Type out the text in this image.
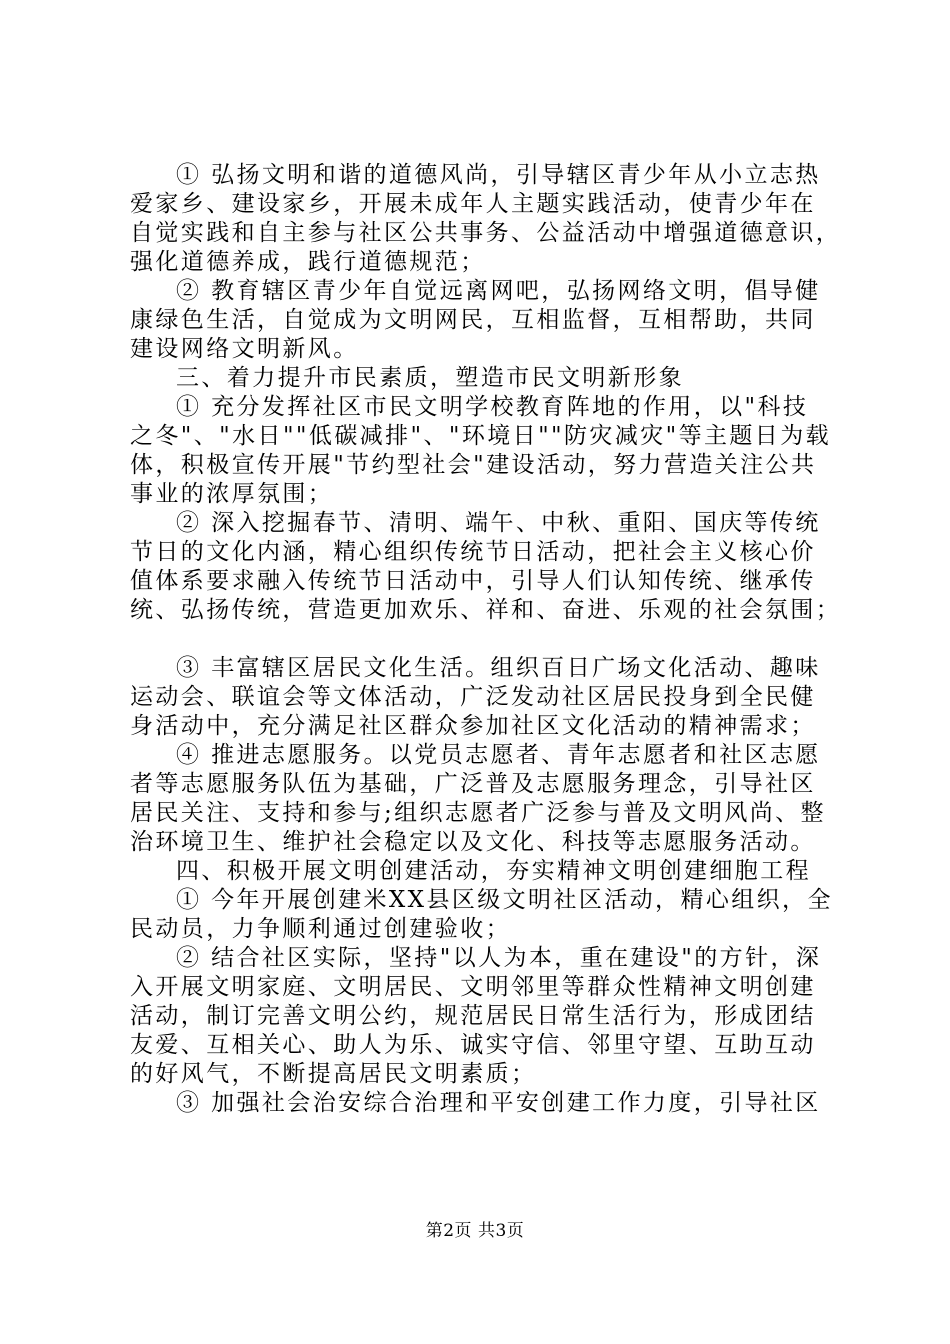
① 弘扬文明和谐的道德风尚，引导辖区青少年从小立志热
爱家乡、建设家乡，开展未成年人主题实践活动，使青少年在
自觉实践和自主参与社区公共事务、公益活动中增强道德意识，
强化道德养成，践行道德规范；
② 教育辖区青少年自觉远离网吧，弘扬网络文明，倡导健
康绿色生活，自觉成为文明网民，互相监督，互相帮助，共同
建设网络文明新风。
三、着力提升市民素质，塑造市民文明新形象
① 充分发挥社区市民文明学校教育阵地的作用，以"科技
之冬"、"水日""低碳减排"、"环境日""防灾减灾"等主题日为载
体，积极宣传开展"节约型社会"建设活动，努力营造关注公共
事业的浓厚氛围；
② 深入挖掘春节、清明、端午、中秋、重阳、国庆等传统
节日的文化内涵，精心组织传统节日活动，把社会主义核心价
值体系要求融入传统节日活动中，引导人们认知传统、继承传
统、弘扬传统，营造更加欢乐、祥和、奋进、乐观的社会氛围；
③ 丰富辖区居民文化生活。组织百日广场文化活动、趣味
运动会、联谊会等文体活动，广泛发动社区居民投身到全民健
身活动中，充分满足社区群众参加社区文化活动的精神需求；
④ 推进志愿服务。以党员志愿者、青年志愿者和社区志愿
者等志愿服务队伍为基础，广泛普及志愿服务理念，引导社区
居民关注、支持和参与;组织志愿者广泛参与普及文明风尚、整
治环境卫生、维护社会稳定以及文化、科技等志愿服务活动。
四、积极开展文明创建活动，夯实精神文明创建细胞工程
① 今年开展创建米XX县区级文明社区活动，精心组织，全
民动员，力争顺利通过创建验收；
② 结合社区实际，坚持"以人为本，重在建设"的方针，深
入开展文明家庭、文明居民、文明邻里等群众性精神文明创建
活动，制订完善文明公约，规范居民日常生活行为，形成团结
友爱、互相关心、助人为乐、诚实守信、邻里守望、互助互动
的好风气，不断提高居民文明素质；
③ 加强社会治安综合治理和平安创建工作力度，引导社区
第2页 共3页
